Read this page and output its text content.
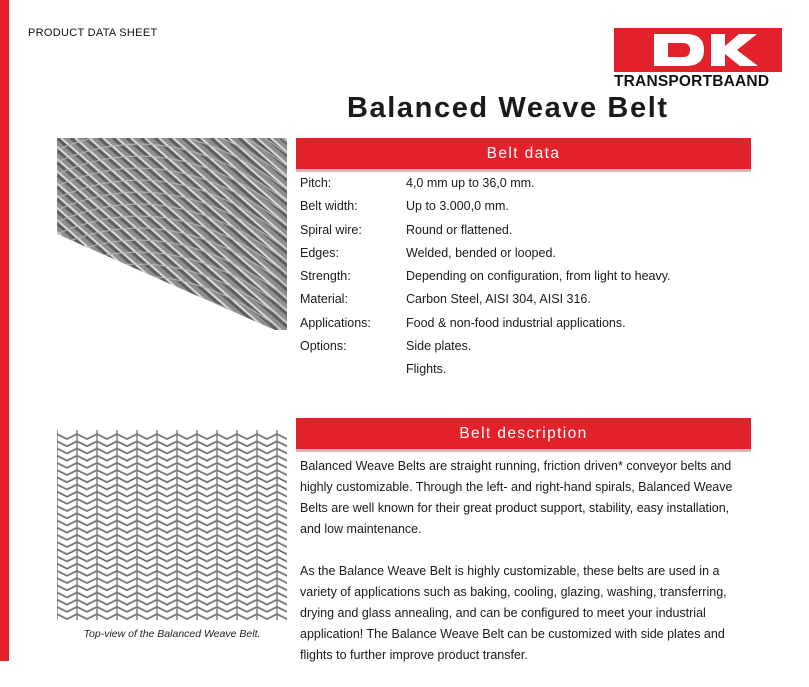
PRODUCT DATA SHEET
TRANSPORTBAAND
Balanced Weave Belt
Belt data
Pitch:	4,0 mm up to 36,0 mm.
Belt width:	Up to 3.000,0 mm.
Spiral wire:	Round or flattened.
Edges:	Welded, bended or looped.
Strength:	Depending on configuration, from light to heavy.
Material:	Carbon Steel, AISI 304, AISI 316.
Applications:	Food & non-food industrial applications.
Options:	Side plates.
Flights.
Top-view of the Balanced Weave Belt.
Belt description

Balanced Weave Belts are straight running, friction driven* conveyor belts and highly customizable. Through the left- and right-hand spirals, Balanced Weave Belts are well known for their great product support, stability, easy installation, and low maintenance.

As the Balance Weave Belt is highly customizable, these belts are used in a variety of applications such as baking, cooling, glazing, washing, transferring, drying and glass annealing, and can be configured to meet your industrial application! The Balance Weave Belt can be customized with side plates and flights to further improve product transfer.
